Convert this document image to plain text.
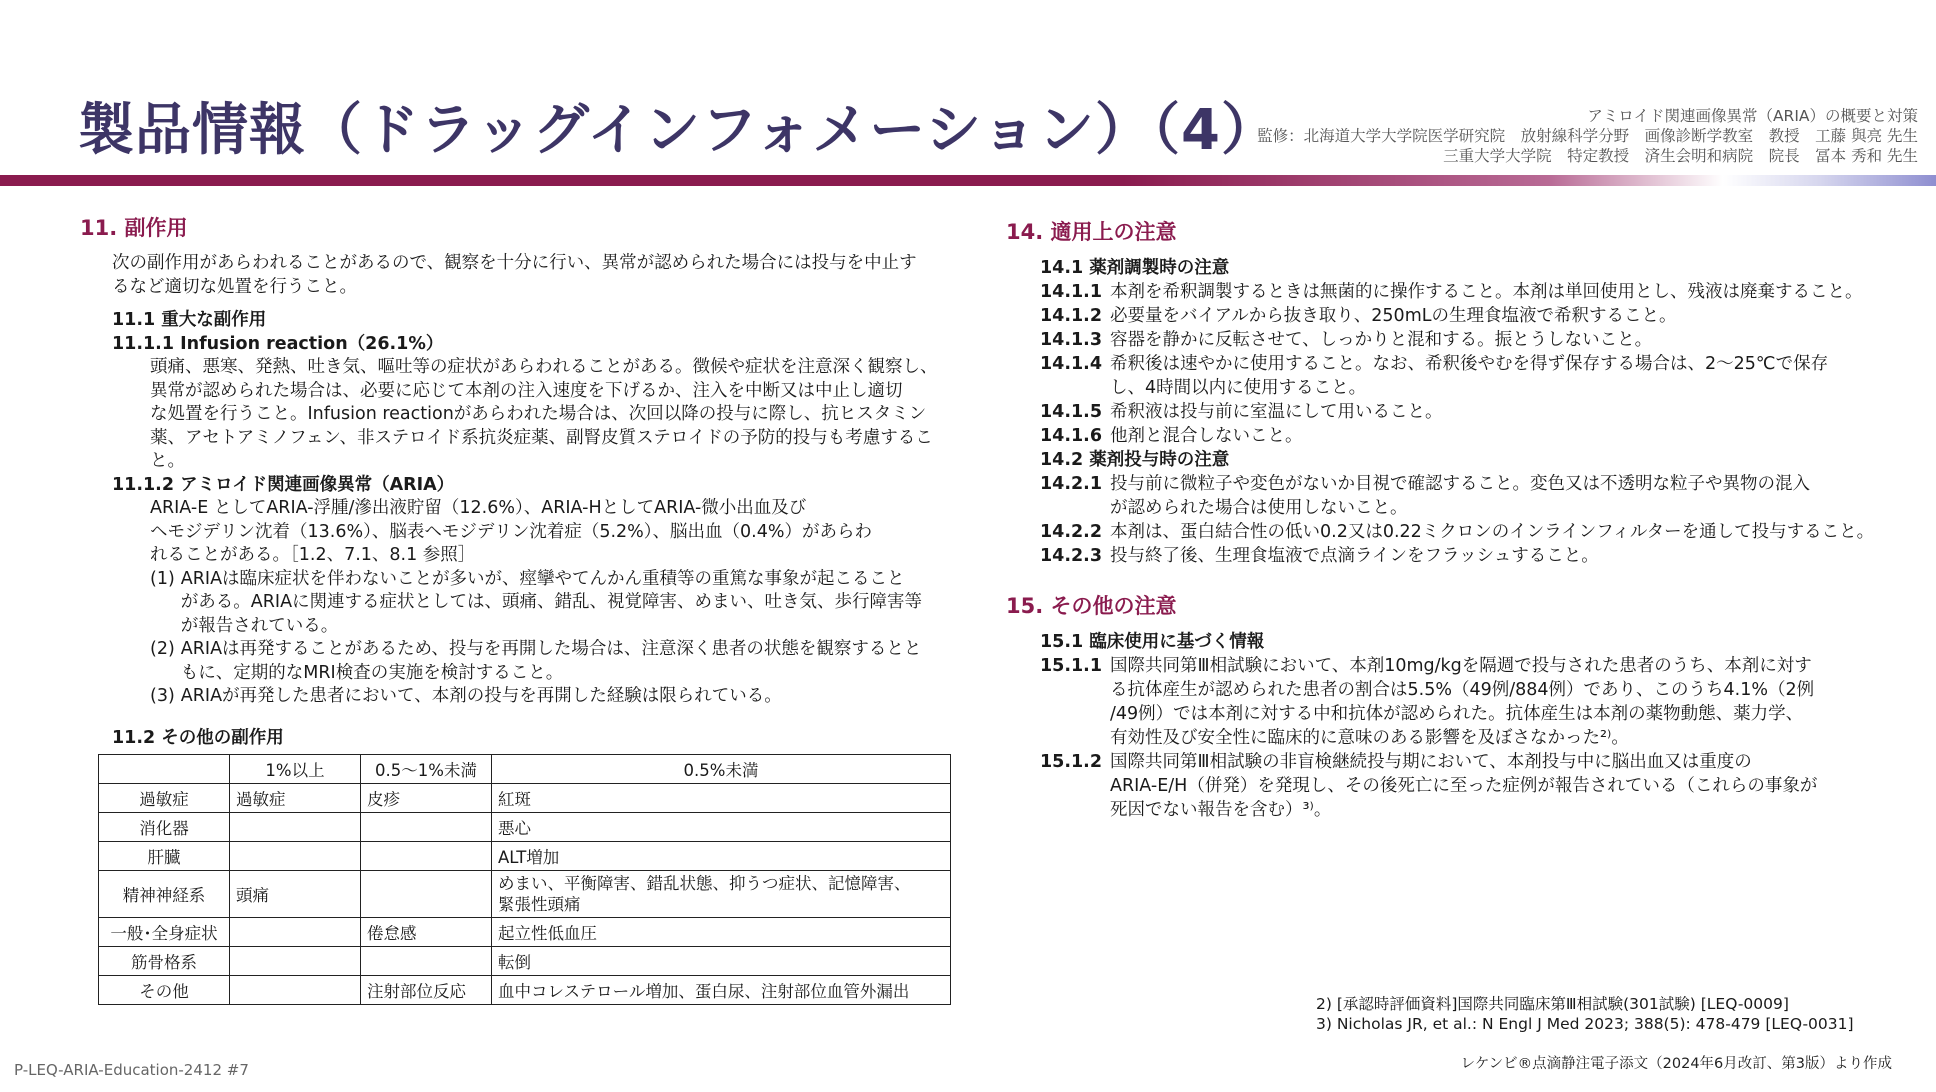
製品情報（ドラッグインフォメーション）（4）	アミロイド関連画像異常（ARIA）の概要と対策
監修：北海道大学大学院医学研究院　放射線科学分野　画像診断学教室　教授　工藤 與亮 先生
三重大学大学院　特定教授　済生会明和病院　院長　冨本 秀和 先生
11. 副作用
次の副作用があらわれることがあるので、観察を十分に行い、異常が認められた場合には投与を中止す
るなど適切な処置を行うこと。
11.1 重大な副作用
11.1.1 Infusion reaction（26.1%）
頭痛、悪寒、発熱、吐き気、嘔吐等の症状があらわれることがある。徴候や症状を注意深く観察し、
異常が認められた場合は、必要に応じて本剤の注入速度を下げるか、注入を中断又は中止し適切
な処置を行うこと。Infusion reactionがあらわれた場合は、次回以降の投与に際し、抗ヒスタミン
薬、アセトアミノフェン、非ステロイド系抗炎症薬、副腎皮質ステロイドの予防的投与も考慮すること。
11.1.2 アミロイド関連画像異常（ARIA）
ARIA-E としてARIA-浮腫/滲出液貯留（12.6%）、ARIA-HとしてARIA-微小出血及び
ヘモジデリン沈着（13.6%）、脳表ヘモジデリン沈着症（5.2%）、脳出血（0.4%）があらわ
れることがある。［1.2、7.1、8.1 参照］
(1) ARIAは臨床症状を伴わないことが多いが、痙攣やてんかん重積等の重篤な事象が起こること
がある。ARIAに関連する症状としては、頭痛、錯乱、視覚障害、めまい、吐き気、歩行障害等
が報告されている。
(2) ARIAは再発することがあるため、投与を再開した場合は、注意深く患者の状態を観察するとと
もに、定期的なMRI検査の実施を検討すること。
(3) ARIAが再発した患者において、本剤の投与を再開した経験は限られている。
11.2 その他の副作用
	1%以上	0.5～1%未満	0.5%未満
過敏症	過敏症	皮疹	紅斑
消化器			悪心
肝臓			ALT増加
精神神経系	頭痛		めまい、平衡障害、錯乱状態、抑うつ症状、記憶障害、
緊張性頭痛
一般･全身症状		倦怠感	起立性低血圧
筋骨格系			転倒
その他		注射部位反応	血中コレステロール増加、蛋白尿、注射部位血管外漏出
14. 適用上の注意
14.1 薬剤調製時の注意
14.1.1 本剤を希釈調製するときは無菌的に操作すること。本剤は単回使用とし、残液は廃棄すること。
14.1.2 必要量をバイアルから抜き取り、250mLの生理食塩液で希釈すること。
14.1.3 容器を静かに反転させて、しっかりと混和する。振とうしないこと。
14.1.4 希釈後は速やかに使用すること。なお、希釈後やむを得ず保存する場合は、2～25℃で保存
し、4時間以内に使用すること。
14.1.5 希釈液は投与前に室温にして用いること。
14.1.6 他剤と混合しないこと。
14.2 薬剤投与時の注意
14.2.1 投与前に微粒子や変色がないか目視で確認すること。変色又は不透明な粒子や異物の混入
が認められた場合は使用しないこと。
14.2.2 本剤は、蛋白結合性の低い0.2又は0.22ミクロンのインラインフィルターを通して投与すること。
14.2.3 投与終了後、生理食塩液で点滴ラインをフラッシュすること。
15. その他の注意
15.1 臨床使用に基づく情報
15.1.1 国際共同第Ⅲ相試験において、本剤10mg/kgを隔週で投与された患者のうち、本剤に対す
る抗体産生が認められた患者の割合は5.5%（49例/884例）であり、このうち4.1%（2例
/49例）では本剤に対する中和抗体が認められた。抗体産生は本剤の薬物動態、薬力学、
有効性及び安全性に臨床的に意味のある影響を及ぼさなかった²⁾。
15.1.2 国際共同第Ⅲ相試験の非盲検継続投与期において、本剤投与中に脳出血又は重度の
ARIA-E/H（併発）を発現し、その後死亡に至った症例が報告されている（これらの事象が
死因でない報告を含む）³⁾。
2) [承認時評価資料]国際共同臨床第Ⅲ相試験(301試験) [LEQ-0009]
3) Nicholas JR, et al.: N Engl J Med 2023; 388(5): 478-479 [LEQ-0031]
P-LEQ-ARIA-Education-2412 #7	レケンビ®点滴静注電子添文（2024年6月改訂、第3版）より作成
